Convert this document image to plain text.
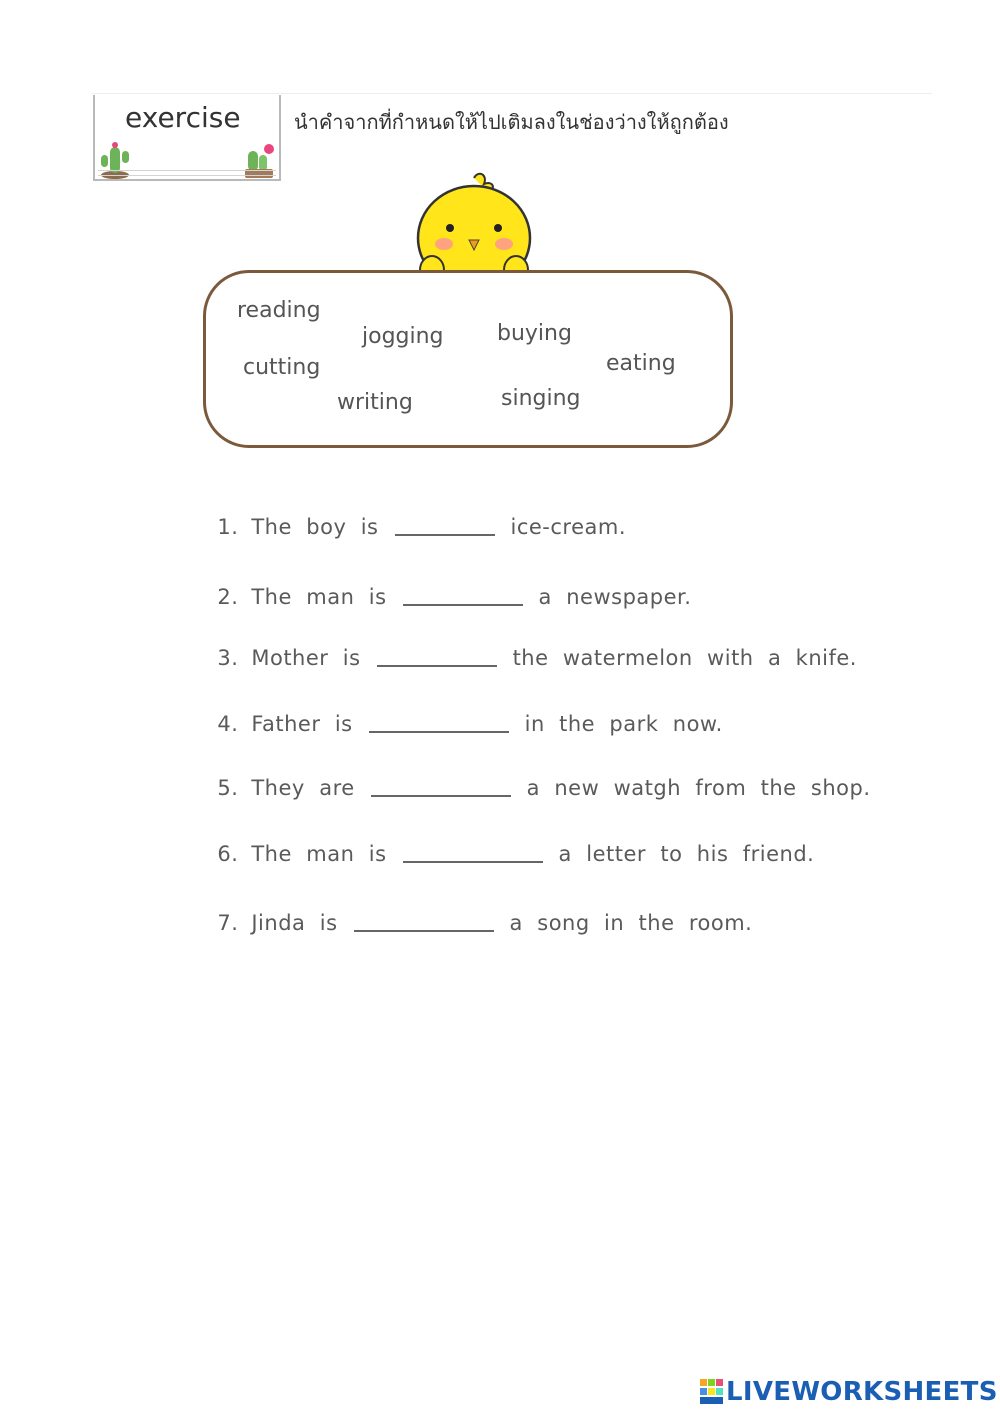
exercise	นำคำจากที่กำหนดให้ไปเติมลงในช่องว่างให้ถูกต้อง
reading
jogging buying
cutting	eating
writing	singing

1. The  boy  is	ice-cream.

2. The  man  is	a  newspaper.

3. Mother  is	the  watermelon  with  a  knife.

4. Father  is	in  the  park  now.

5. They  are	a  new  watgh  from  the  shop.

6. The  man  is	a  letter  to  his  friend.

7. Jinda  is	a  song  in  the  room.

LIVEWORKSHEETS
